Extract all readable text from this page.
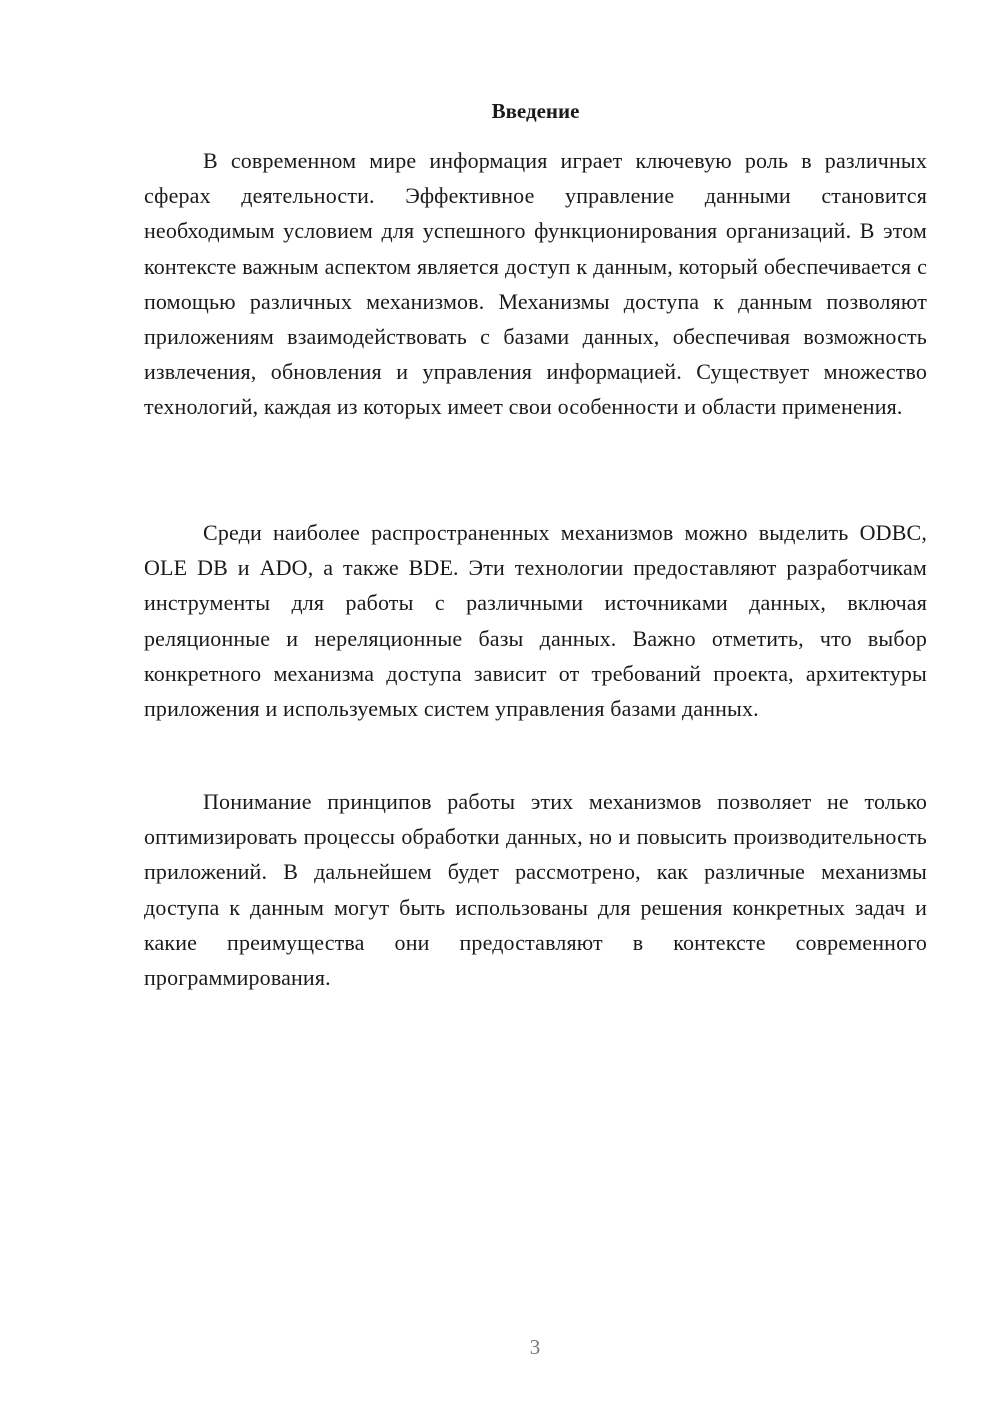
Введение

В современном мире информация играет ключевую роль в различных сферах деятельности. Эффективное управление данными становится необходимым условием для успешного функционирования организаций. В этом контексте важным аспектом является доступ к данным, который обеспечивается с помощью различных механизмов. Механизмы доступа к данным позволяют приложениям взаимодействовать с базами данных, обеспечивая возможность извлечения, обновления и управления информацией. Существует множество технологий, каждая из которых имеет свои особенности и области применения.

Среди наиболее распространенных механизмов можно выделить ODBC, OLE DB и ADO, а также BDE. Эти технологии предоставляют разработчикам инструменты для работы с различными источниками данных, включая реляционные и нереляционные базы данных. Важно отметить, что выбор конкретного механизма доступа зависит от требований проекта, архитектуры приложения и используемых систем управления базами данных.

Понимание принципов работы этих механизмов позволяет не только оптимизировать процессы обработки данных, но и повысить производительность приложений. В дальнейшем будет рассмотрено, как различные механизмы доступа к данным могут быть использованы для решения конкретных задач и какие преимущества они предоставляют в контексте современного программирования.

3
